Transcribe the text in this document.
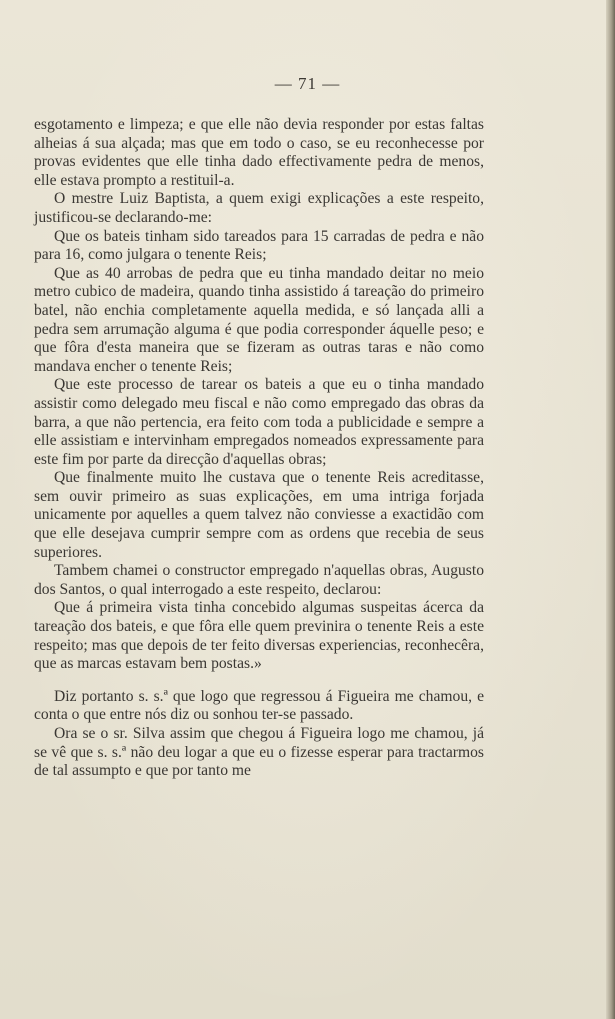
— 71 —

esgotamento e limpeza; e que elle não devia responder por estas faltas alheias á sua alçada; mas que em todo o caso, se eu reconhecesse por provas evidentes que elle tinha dado effectivamente pedra de menos, elle estava prompto a restituil-a.

O mestre Luiz Baptista, a quem exigi explicações a este respeito, justificou-se declarando-me:

Que os bateis tinham sido tareados para 15 carradas de pedra e não para 16, como julgara o tenente Reis;

Que as 40 arrobas de pedra que eu tinha mandado deitar no meio metro cubico de madeira, quando tinha assistido á tareação do primeiro batel, não enchia completamente aquella medida, e só lançada alli a pedra sem arrumação alguma é que podia corresponder áquelle peso; e que fôra d'esta maneira que se fizeram as outras taras e não como mandava encher o tenente Reis;

Que este processo de tarear os bateis a que eu o tinha mandado assistir como delegado meu fiscal e não como empregado das obras da barra, a que não pertencia, era feito com toda a publicidade e sempre a elle assistiam e intervinham empregados nomeados expressamente para este fim por parte da direcção d'aquellas obras;

Que finalmente muito lhe custava que o tenente Reis acreditasse, sem ouvir primeiro as suas explicações, em uma intriga forjada unicamente por aquelles a quem talvez não conviesse a exactidão com que elle desejava cumprir sempre com as ordens que recebia de seus superiores.

Tambem chamei o constructor empregado n'aquellas obras, Augusto dos Santos, o qual interrogado a este respeito, declarou:

Que á primeira vista tinha concebido algumas suspeitas ácerca da tareação dos bateis, e que fôra elle quem previnira o tenente Reis a este respeito; mas que depois de ter feito diversas experiencias, reconhecêra, que as marcas estavam bem postas.»

Diz portanto s. s.ª que logo que regressou á Figueira me chamou, e conta o que entre nós diz ou sonhou ter-se passado.

Ora se o sr. Silva assim que chegou á Figueira logo me chamou, já se vê que s. s.ª não deu logar a que eu o fizesse esperar para tractarmos de tal assumpto e que por tanto me
